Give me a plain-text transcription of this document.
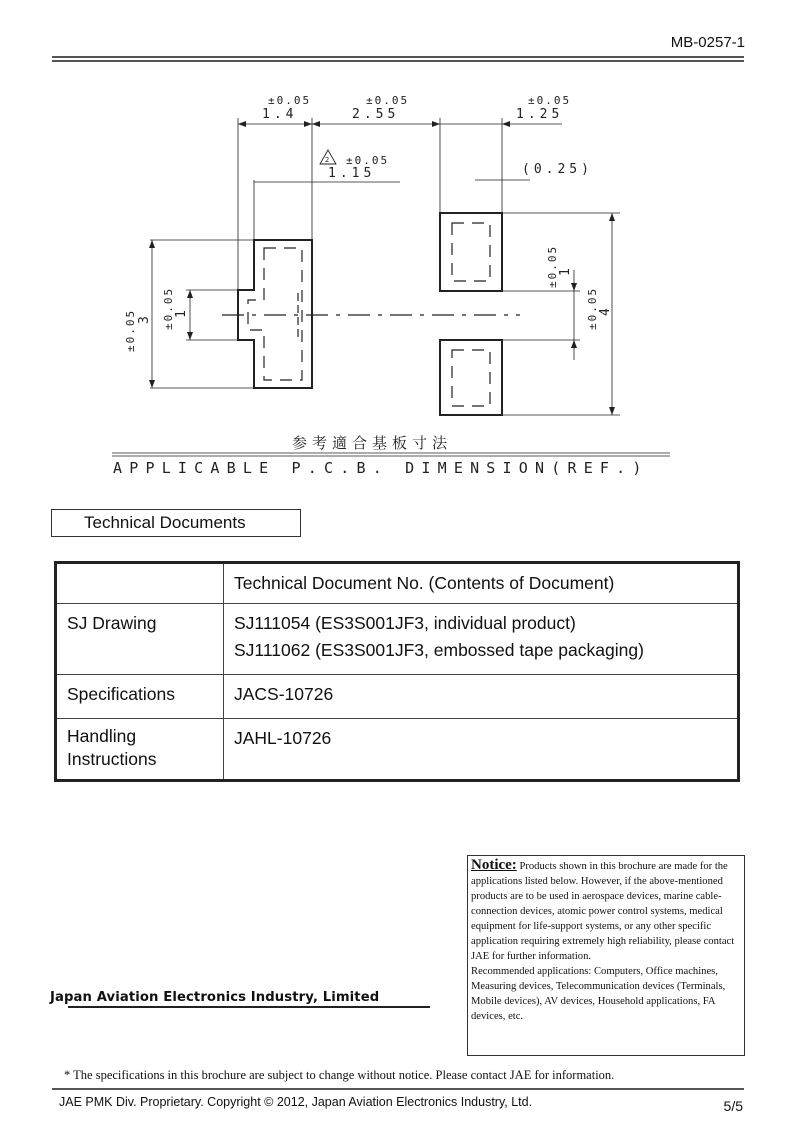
MB-0257-1
±0.05
1.4
±0.05
2.55
±0.05
1.25
2 ±0.05
1.15	(0.25)
±0.05 3 ±0.05 1
±0.05 1
±0.05 4
参考適合基板寸法
APPLICABLE P.C.B. DIMENSION(REF.)
Technical Documents
	Technical Document No. (Contents of Document)
SJ Drawing	SJ111054 (ES3S001JF3, individual product)
SJ111062 (ES3S001JF3, embossed tape packaging)

Specifications	JACS-10726
Handling Instructions	JAHL-10726
Notice: Products shown in this brochure are made for the applications listed below. However, if the above-mentioned products are to be used in aerospace devices, marine cable-connection devices, atomic power control systems, medical equipment for life-support systems, or any other specific application requiring extremely high reliability, please contact JAE for further information.
Recommended applications: Computers, Office machines, Measuring devices, Telecommunication devices (Terminals, Mobile devices), AV devices, Household applications, FA devices, etc.
Japan Aviation Electronics Industry, Limited
* The specifications in this brochure are subject to change without notice. Please contact JAE for information.
JAE PMK Div. Proprietary. Copyright © 2012, Japan Aviation Electronics Industry, Ltd.	5/5
